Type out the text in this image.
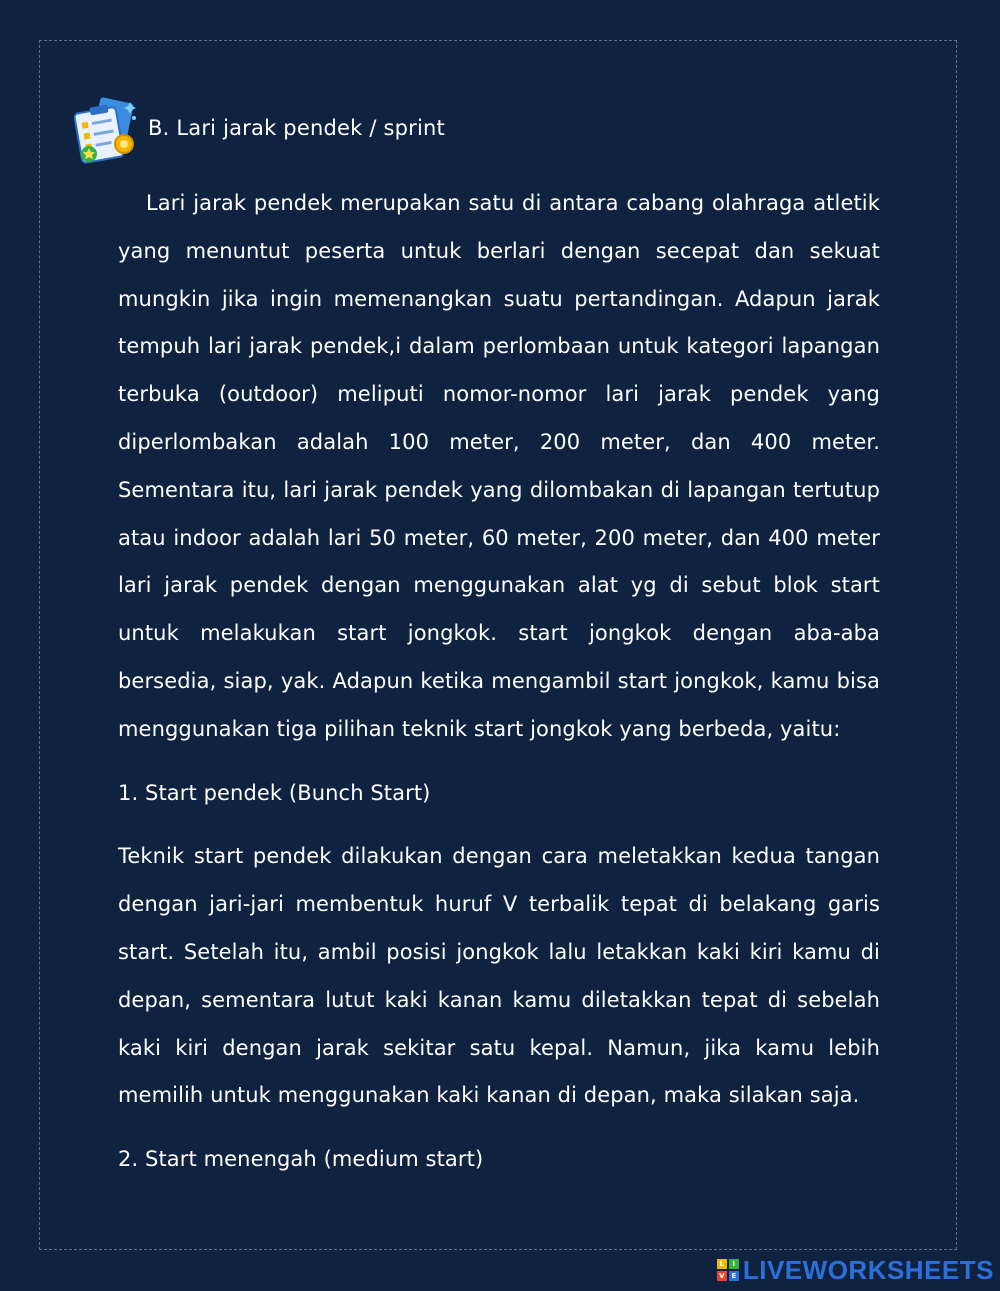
B. Lari jarak pendek / sprint

Lari jarak pendek merupakan satu di antara cabang olahraga atletik yang menuntut peserta untuk berlari dengan secepat dan sekuat mungkin jika ingin memenangkan suatu pertandingan. Adapun jarak tempuh lari jarak pendek,i dalam perlombaan untuk kategori lapangan terbuka (outdoor) meliputi nomor-nomor lari jarak pendek yang diperlombakan adalah 100 meter, 200 meter, dan 400 meter. Sementara itu, lari jarak pendek yang dilombakan di lapangan tertutup atau indoor adalah lari 50 meter, 60 meter, 200 meter, dan 400 meter lari jarak pendek dengan menggunakan alat yg di sebut blok start untuk melakukan start jongkok. start jongkok dengan aba-aba bersedia, siap, yak. Adapun ketika mengambil start jongkok, kamu bisa menggunakan tiga pilihan teknik start jongkok yang berbeda, yaitu:

1. Start pendek (Bunch Start)

Teknik start pendek dilakukan dengan cara meletakkan kedua tangan dengan jari-jari membentuk huruf V terbalik tepat di belakang garis start. Setelah itu, ambil posisi jongkok lalu letakkan kaki kiri kamu di depan, sementara lutut kaki kanan kamu diletakkan tepat di sebelah kaki kiri dengan jarak sekitar satu kepal. Namun, jika kamu lebih memilih untuk menggunakan kaki kanan di depan, maka silakan saja.

2. Start menengah (medium start)

L	I
V E LIVEWORKSHEETS
